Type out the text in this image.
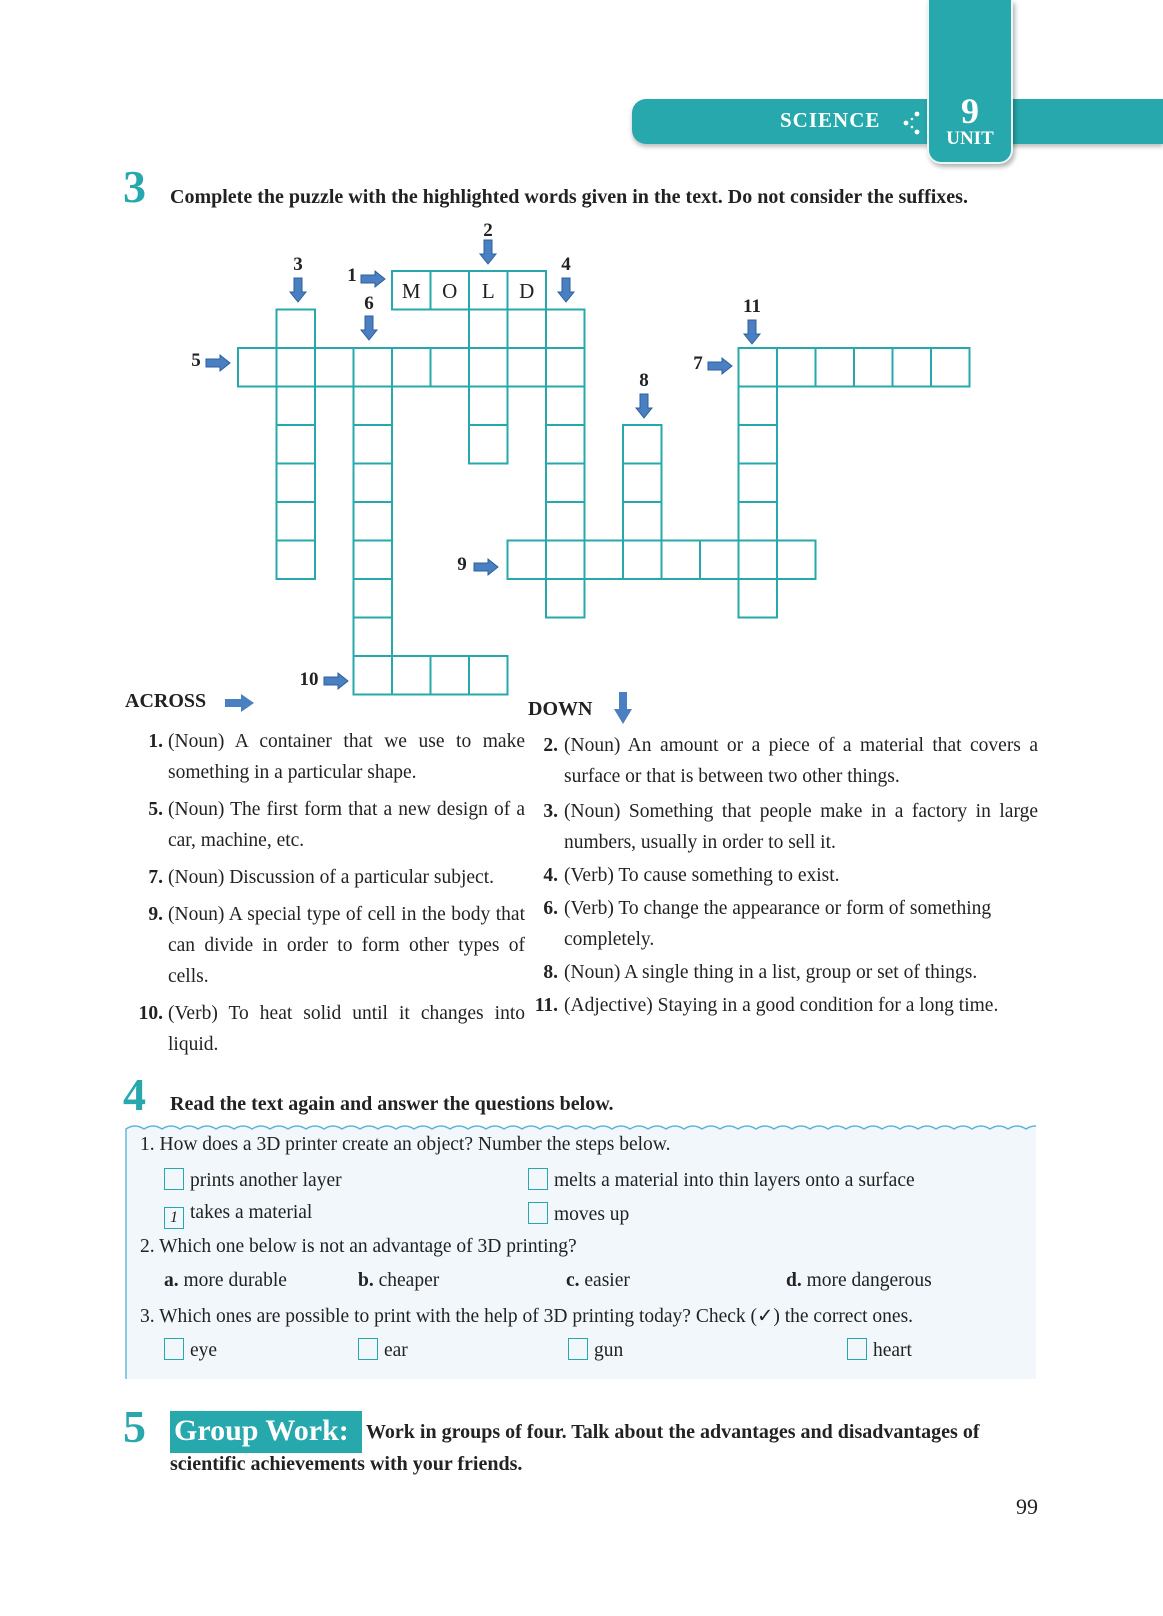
SCIENCE	9
UNIT
3 Complete the puzzle with the highlighted words given in the text. Do not consider the suffixes.
M O L D
1
2
3	4
5
6
7
8
9
10
11
ACROSS	DOWN
1. (Noun) A container that we use to make something in a particular shape.
5. (Noun) The first form that a new design of a car, machine, etc.
7. (Noun) Discussion of a particular subject.
9. (Noun) A special type of cell in the body that can divide in order to form other types of cells.
10. (Verb) To heat solid until it changes into liquid.
2. (Noun) An amount or a piece of a material that covers a surface or that is between two other things.
3. (Noun) Something that people make in a factory in large numbers, usually in order to sell it.
4. (Verb) To cause something to exist.
6. (Verb) To change the appearance or form of something completely.
8. (Noun) A single thing in a list, group or set of things.
11. (Adjective) Staying in a good condition for a long time.
4 Read the text again and answer the questions below.
1. How does a 3D printer create an object? Number the steps below.
prints another layer	melts a material into thin layers onto a surface
1 takes a material	moves up
2. Which one below is not an advantage of 3D printing?
a. more durable	b. cheaper	c. easier	d. more dangerous
3. Which ones are possible to print with the help of 3D printing today? Check (✓) the correct ones.
eye	ear	gun	heart
5 Group Work: Work in groups of four. Talk about the advantages and disadvantages of
scientific achievements with your friends.
99
